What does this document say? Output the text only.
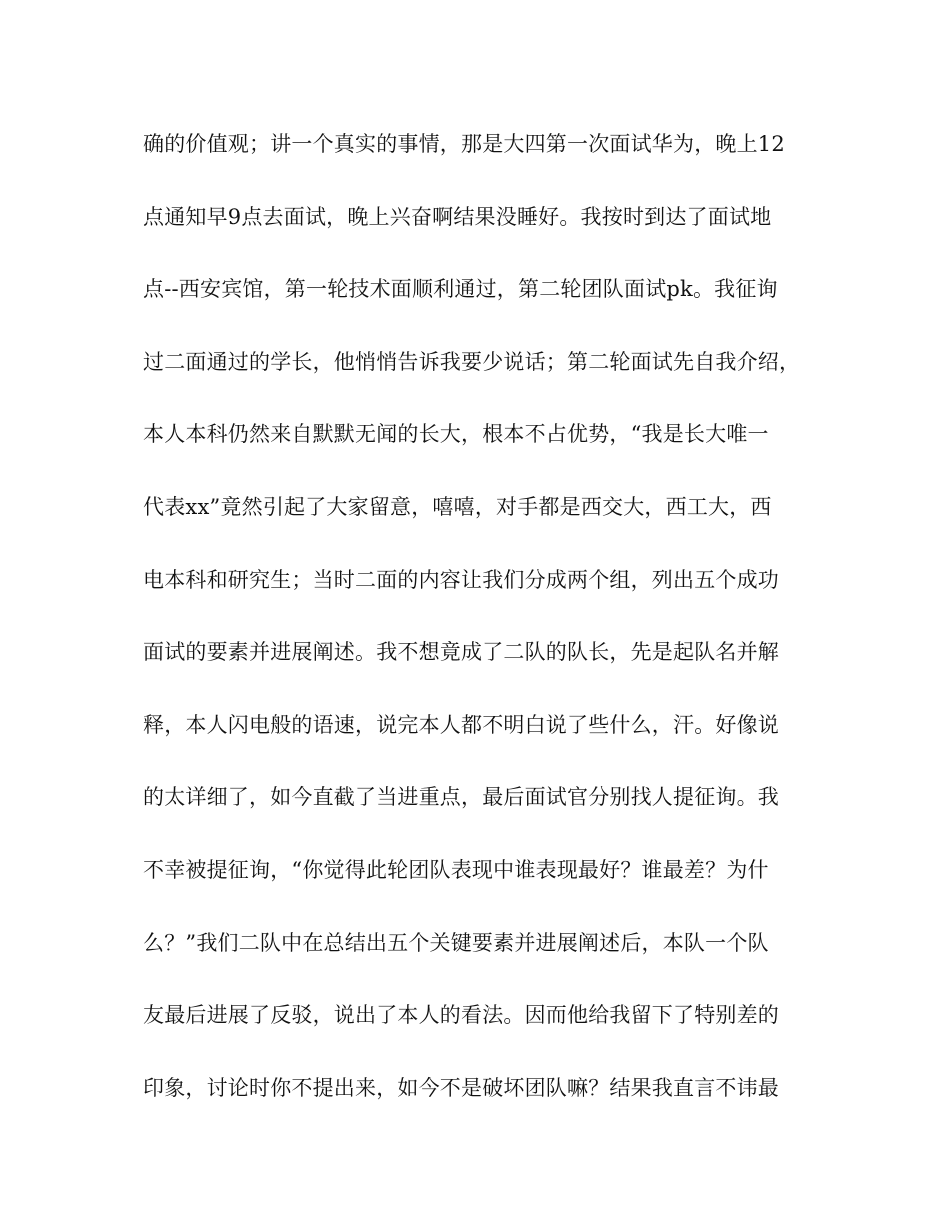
确的价值观；讲一个真实的事情，那是大四第一次面试华为，晚上12
点通知早9点去面试，晚上兴奋啊结果没睡好。我按时到达了面试地
点--西安宾馆，第一轮技术面顺利通过，第二轮团队面试pk。我征询
过二面通过的学长，他悄悄告诉我要少说话；第二轮面试先自我介绍，
本人本科仍然来自默默无闻的长大，根本不占优势，“我是长大唯一
代表xx”竟然引起了大家留意，嘻嘻，对手都是西交大，西工大，西
电本科和研究生；当时二面的内容让我们分成两个组，列出五个成功
面试的要素并进展阐述。我不想竟成了二队的队长，先是起队名并解
释，本人闪电般的语速，说完本人都不明白说了些什么，汗。好像说
的太详细了，如今直截了当进重点，最后面试官分别找人提征询。我
不幸被提征询，“你觉得此轮团队表现中谁表现最好？谁最差？为什
么？”我们二队中在总结出五个关键要素并进展阐述后，本队一个队
友最后进展了反驳，说出了本人的看法。因而他给我留下了特别差的
印象，讨论时你不提出来，如今不是破坏团队嘛？结果我直言不讳最
